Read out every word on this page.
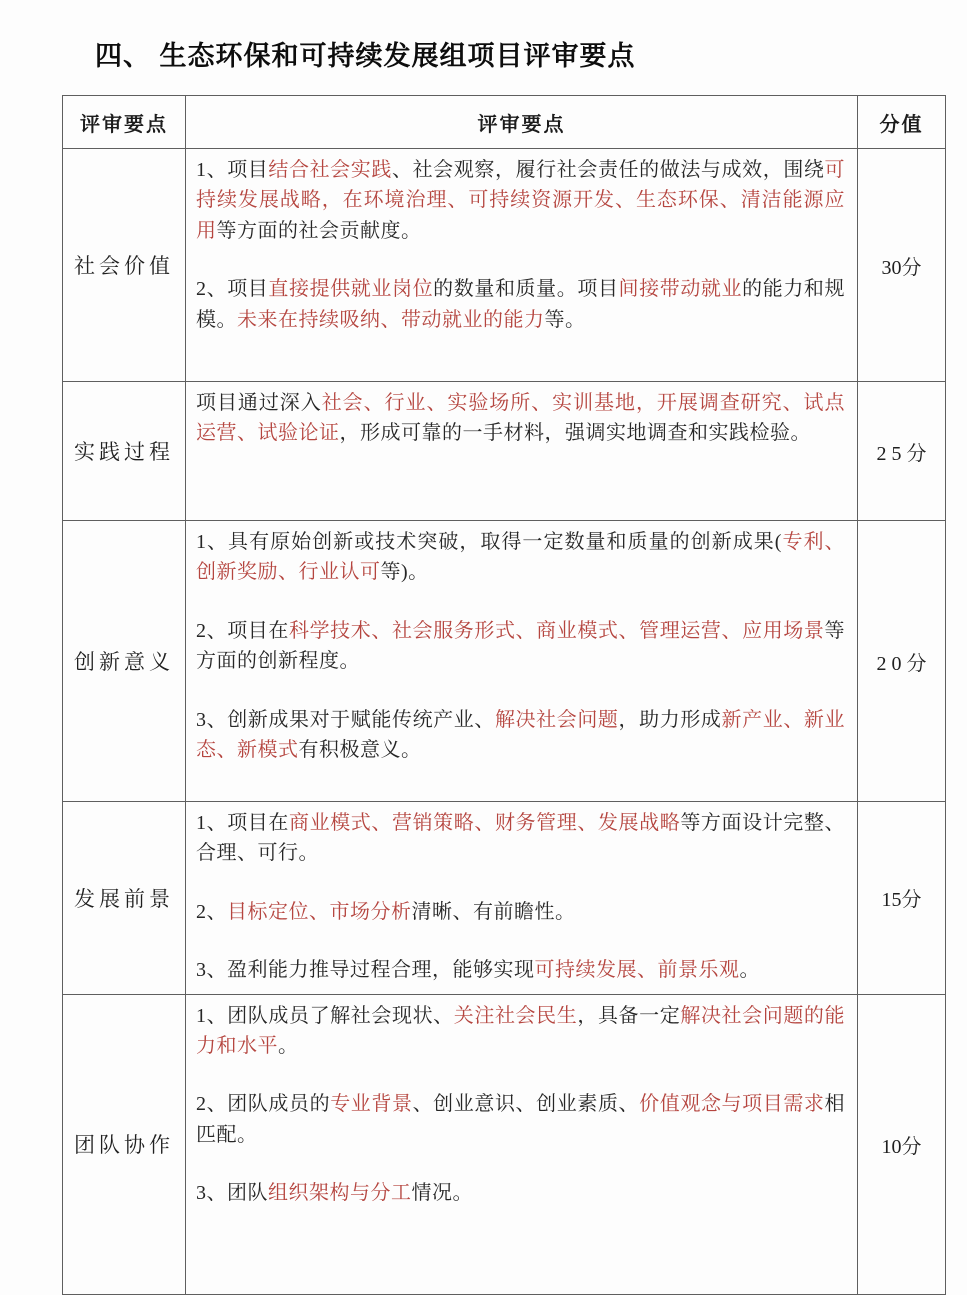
四、 生态环保和可持续发展组项目评审要点
评审要点	评审要点	分值
社会价值	1、项目结合社会实践、社会观察，履行社会责任的做法与成效，围绕可持续发展战略，在环境治理、可持续资源开发、生态环保、清洁能源应用等方面的社会贡献度。

2、项目直接提供就业岗位的数量和质量。项目间接带动就业的能力和规模。未来在持续吸纳、带动就业的能力等。	30分
实践过程	项目通过深入社会、行业、实验场所、实训基地，开展调查研究、试点运营、试验论证，形成可靠的一手材料，强调实地调查和实践检验。	2 5 分
创新意义	1、具有原始创新或技术突破，取得一定数量和质量的创新成果(专利、创新奖励、行业认可等)。

2、项目在科学技术、社会服务形式、商业模式、管理运营、应用场景等方面的创新程度。

3、创新成果对于赋能传统产业、解决社会问题，助力形成新产业、新业态、新模式有积极意义。	2 0 分
发展前景	1、项目在商业模式、营销策略、财务管理、发展战略等方面设计完整、合理、可行。

2、目标定位、市场分析清晰、有前瞻性。

3、盈利能力推导过程合理，能够实现可持续发展、前景乐观。	15分
团队协作	1、团队成员了解社会现状、关注社会民生，具备一定解决社会问题的能力和水平。

2、团队成员的专业背景、创业意识、创业素质、价值观念与项目需求相匹配。

3、团队组织架构与分工情况。	10分
